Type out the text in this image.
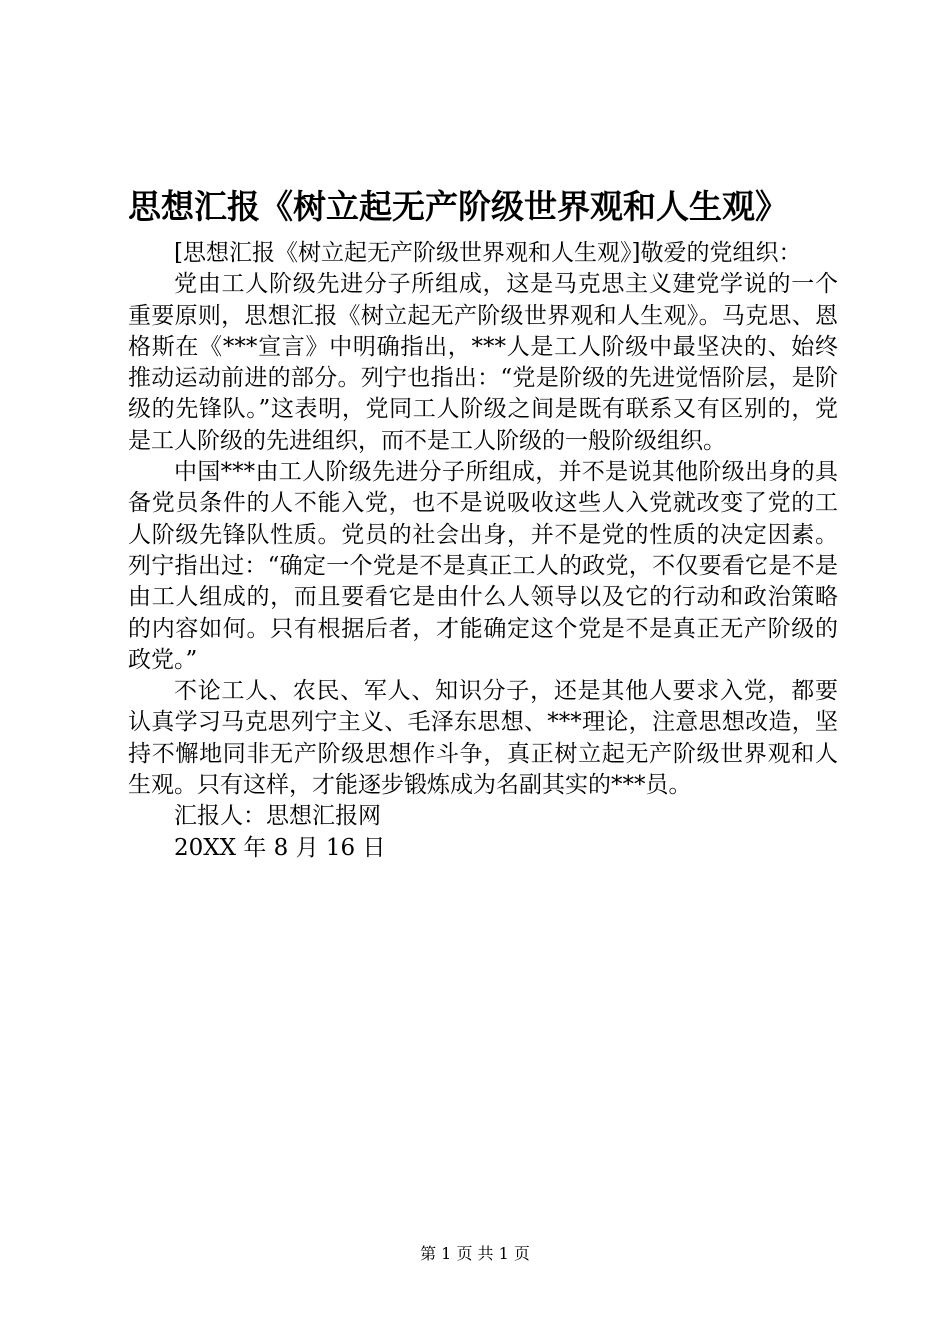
思想汇报《树立起无产阶级世界观和人生观》

[思想汇报《树立起无产阶级世界观和人生观》]敬爱的党组织：

党由工人阶级先进分子所组成，这是马克思主义建党学说的一个重要原则，思想汇报《树立起无产阶级世界观和人生观》。马克思、恩格斯在《***宣言》中明确指出，***人是工人阶级中最坚决的、始终推动运动前进的部分。列宁也指出：“党是阶级的先进觉悟阶层，是阶级的先锋队。”这表明，党同工人阶级之间是既有联系又有区别的，党是工人阶级的先进组织，而不是工人阶级的一般阶级组织。

中国***由工人阶级先进分子所组成，并不是说其他阶级出身的具备党员条件的人不能入党，也不是说吸收这些人入党就改变了党的工人阶级先锋队性质。党员的社会出身，并不是党的性质的决定因素。列宁指出过：“确定一个党是不是真正工人的政党，不仅要看它是不是由工人组成的，而且要看它是由什么人领导以及它的行动和政治策略的内容如何。只有根据后者，才能确定这个党是不是真正无产阶级的政党。”

不论工人、农民、军人、知识分子，还是其他人要求入党，都要认真学习马克思列宁主义、毛泽东思想、***理论，注意思想改造，坚持不懈地同非无产阶级思想作斗争，真正树立起无产阶级世界观和人生观。只有这样，才能逐步锻炼成为名副其实的***员。

汇报人：思想汇报网

20XX 年 8 月 16 日

第 1 页 共 1 页
